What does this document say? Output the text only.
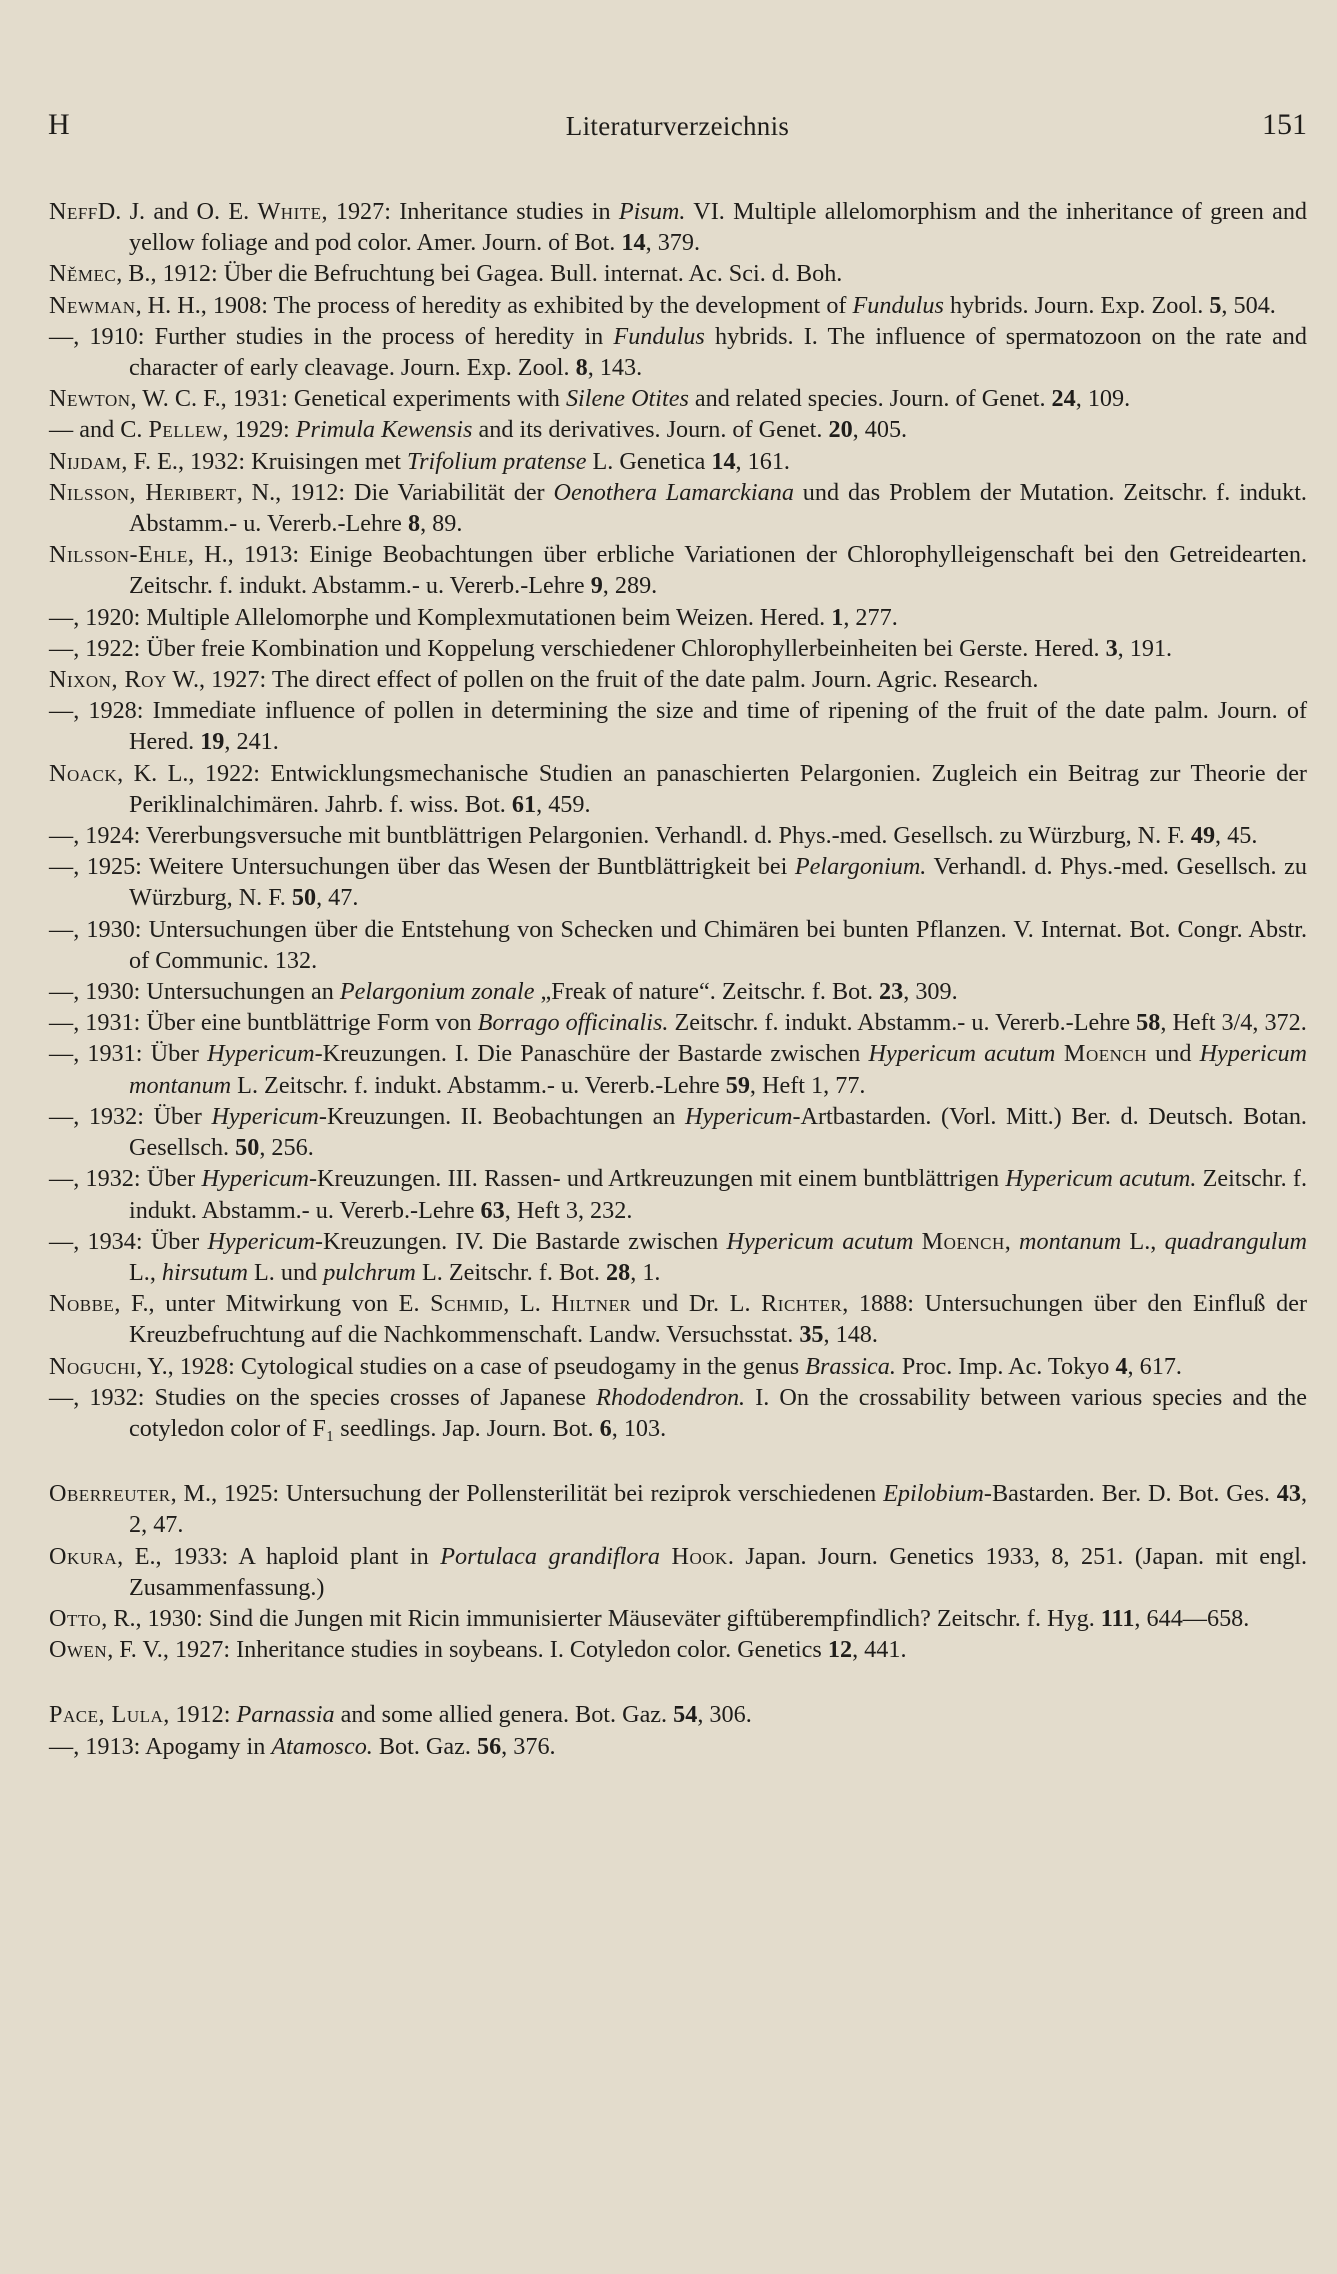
H	Literaturverzeichnis	151

NeffD. J. and O. E. White, 1927: Inheritance studies in Pisum. VI. Multiple allelomorphism and the inheritance of green and yellow foliage and pod color. Amer. Journ. of Bot. 14, 379.

Němec, B., 1912: Über die Befruchtung bei Gagea. Bull. internat. Ac. Sci. d. Boh.

Newman, H. H., 1908: The process of heredity as exhibited by the development of Fundulus hybrids. Journ. Exp. Zool. 5, 504.

—, 1910: Further studies in the process of heredity in Fundulus hybrids. I. The influence of spermatozoon on the rate and character of early cleavage. Journ. Exp. Zool. 8, 143.

Newton, W. C. F., 1931: Genetical experiments with Silene Otites and related species. Journ. of Genet. 24, 109.

— and C. Pellew, 1929: Primula Kewensis and its derivatives. Journ. of Genet. 20, 405.

Nijdam, F. E., 1932: Kruisingen met Trifolium pratense L. Genetica 14, 161.

Nilsson, Heribert, N., 1912: Die Variabilität der Oenothera Lamarckiana und das Problem der Mutation. Zeitschr. f. indukt. Abstamm.- u. Vererb.-Lehre 8, 89.

Nilsson-Ehle, H., 1913: Einige Beobachtungen über erbliche Variationen der Chlorophylleigenschaft bei den Getreidearten. Zeitschr. f. indukt. Abstamm.- u. Vererb.-Lehre 9, 289.

—, 1920: Multiple Allelomorphe und Komplexmutationen beim Weizen. Hered. 1, 277.

—, 1922: Über freie Kombination und Koppelung verschiedener Chlorophyllerbeinheiten bei Gerste. Hered. 3, 191.

Nixon, Roy W., 1927: The direct effect of pollen on the fruit of the date palm. Journ. Agric. Research.

—, 1928: Immediate influence of pollen in determining the size and time of ripening of the fruit of the date palm. Journ. of Hered. 19, 241.

Noack, K. L., 1922: Entwicklungsmechanische Studien an panaschierten Pelargonien. Zugleich ein Beitrag zur Theorie der Periklinalchimären. Jahrb. f. wiss. Bot. 61, 459.

—, 1924: Vererbungsversuche mit buntblättrigen Pelargonien. Verhandl. d. Phys.-med. Gesellsch. zu Würzburg, N. F. 49, 45.

—, 1925: Weitere Untersuchungen über das Wesen der Buntblättrigkeit bei Pelargonium. Verhandl. d. Phys.-med. Gesellsch. zu Würzburg, N. F. 50, 47.

—, 1930: Untersuchungen über die Entstehung von Schecken und Chimären bei bunten Pflanzen. V. Internat. Bot. Congr. Abstr. of Communic. 132.

—, 1930: Untersuchungen an Pelargonium zonale „Freak of nature“. Zeitschr. f. Bot. 23, 309.

—, 1931: Über eine buntblättrige Form von Borrago officinalis. Zeitschr. f. indukt. Abstamm.- u. Vererb.-Lehre 58, Heft 3/4, 372.

—, 1931: Über Hypericum-Kreuzungen. I. Die Panaschüre der Bastarde zwischen Hypericum acutum Moench und Hypericum montanum L. Zeitschr. f. indukt. Abstamm.- u. Vererb.-Lehre 59, Heft 1, 77.

—, 1932: Über Hypericum-Kreuzungen. II. Beobachtungen an Hypericum-Artbastarden. (Vorl. Mitt.) Ber. d. Deutsch. Botan. Gesellsch. 50, 256.

—, 1932: Über Hypericum-Kreuzungen. III. Rassen- und Artkreuzungen mit einem buntblättrigen Hypericum acutum. Zeitschr. f. indukt. Abstamm.- u. Vererb.-Lehre 63, Heft 3, 232.

—, 1934: Über Hypericum-Kreuzungen. IV. Die Bastarde zwischen Hypericum acutum Moench, montanum L., quadrangulum L., hirsutum L. und pulchrum L. Zeitschr. f. Bot. 28, 1.

Nobbe, F., unter Mitwirkung von E. Schmid, L. Hiltner und Dr. L. Richter, 1888: Untersuchungen über den Einfluß der Kreuzbefruchtung auf die Nachkommenschaft. Landw. Versuchsstat. 35, 148.

Noguchi, Y., 1928: Cytological studies on a case of pseudogamy in the genus Brassica. Proc. Imp. Ac. Tokyo 4, 617.

—, 1932: Studies on the species crosses of Japanese Rhododendron. I. On the crossability between various species and the cotyledon color of F₁ seedlings. Jap. Journ. Bot. 6, 103.

Oberreuter, M., 1925: Untersuchung der Pollensterilität bei reziprok verschiedenen Epilobium-Bastarden. Ber. D. Bot. Ges. 43, 2, 47.

Okura, E., 1933: A haploid plant in Portulaca grandiflora Hook. Japan. Journ. Genetics 1933, 8, 251. (Japan. mit engl. Zusammenfassung.)

Otto, R., 1930: Sind die Jungen mit Ricin immunisierter Mäuseväter giftüberempfindlich? Zeitschr. f. Hyg. 111, 644—658.

Owen, F. V., 1927: Inheritance studies in soybeans. I. Cotyledon color. Genetics 12, 441.

Pace, Lula, 1912: Parnassia and some allied genera. Bot. Gaz. 54, 306.

—, 1913: Apogamy in Atamosco. Bot. Gaz. 56, 376.
